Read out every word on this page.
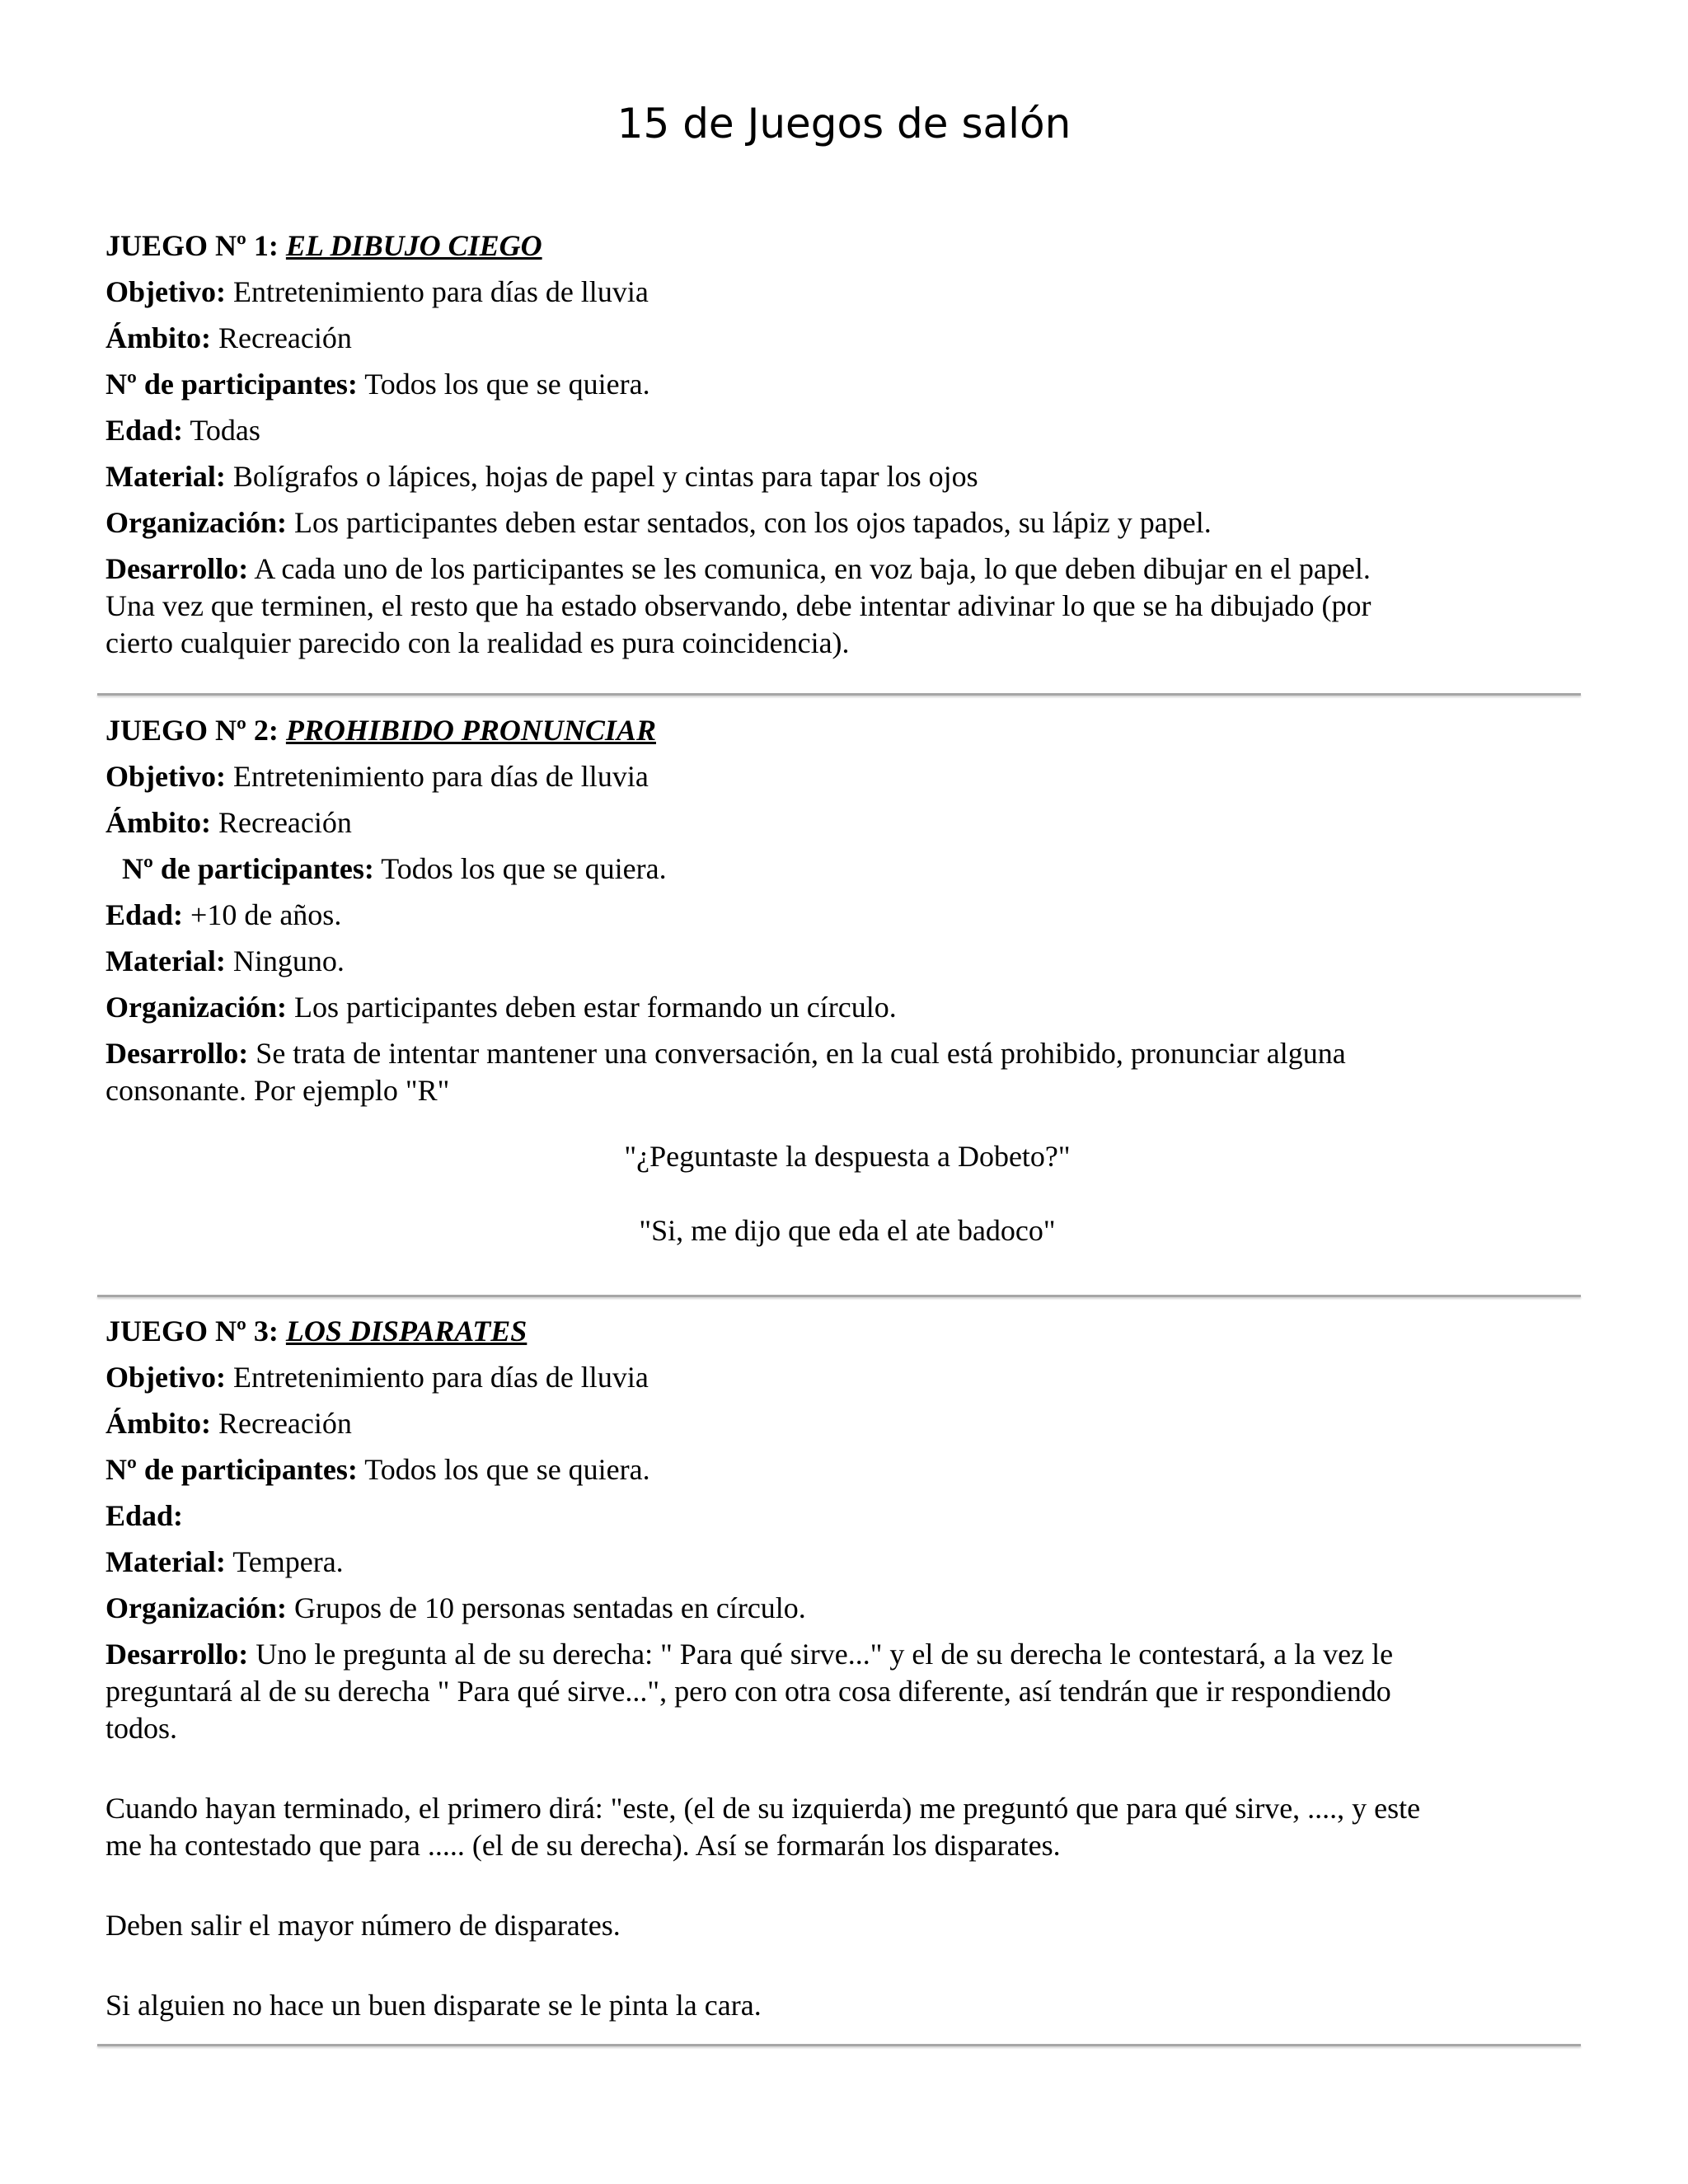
15 de Juegos de salón
JUEGO Nº 1: EL DIBUJO CIEGO
Objetivo: Entretenimiento para días de lluvia
Ámbito: Recreación
Nº de participantes: Todos los que se quiera.
Edad: Todas
Material: Bolígrafos o lápices, hojas de papel y cintas para tapar los ojos
Organización: Los participantes deben estar sentados, con los ojos tapados, su lápiz y papel.
Desarrollo: A cada uno de los participantes se les comunica, en voz baja, lo que deben dibujar en el papel.
Una vez que terminen, el resto que ha estado observando, debe intentar adivinar lo que se ha dibujado (por
cierto cualquier parecido con la realidad es pura coincidencia).
JUEGO Nº 2: PROHIBIDO PRONUNCIAR
Objetivo: Entretenimiento para días de lluvia
Ámbito: Recreación
Nº de participantes: Todos los que se quiera.
Edad: +10 de años.
Material: Ninguno.
Organización: Los participantes deben estar formando un círculo.
Desarrollo: Se trata de intentar mantener una conversación, en la cual está prohibido, pronunciar alguna
consonante. Por ejemplo "R"
"¿Peguntaste la despuesta a Dobeto?"
"Si, me dijo que eda el ate badoco"
JUEGO Nº 3: LOS DISPARATES
Objetivo: Entretenimiento para días de lluvia
Ámbito: Recreación
Nº de participantes: Todos los que se quiera.
Edad:
Material: Tempera.
Organización: Grupos de 10 personas sentadas en círculo.
Desarrollo: Uno le pregunta al de su derecha: " Para qué sirve..." y el de su derecha le contestará, a la vez le
preguntará al de su derecha " Para qué sirve...", pero con otra cosa diferente, así tendrán que ir respondiendo
todos.
Cuando hayan terminado, el primero dirá: "este, (el de su izquierda) me preguntó que para qué sirve, ...., y este
me ha contestado que para ..... (el de su derecha). Así se formarán los disparates.
Deben salir el mayor número de disparates.
Si alguien no hace un buen disparate se le pinta la cara.
